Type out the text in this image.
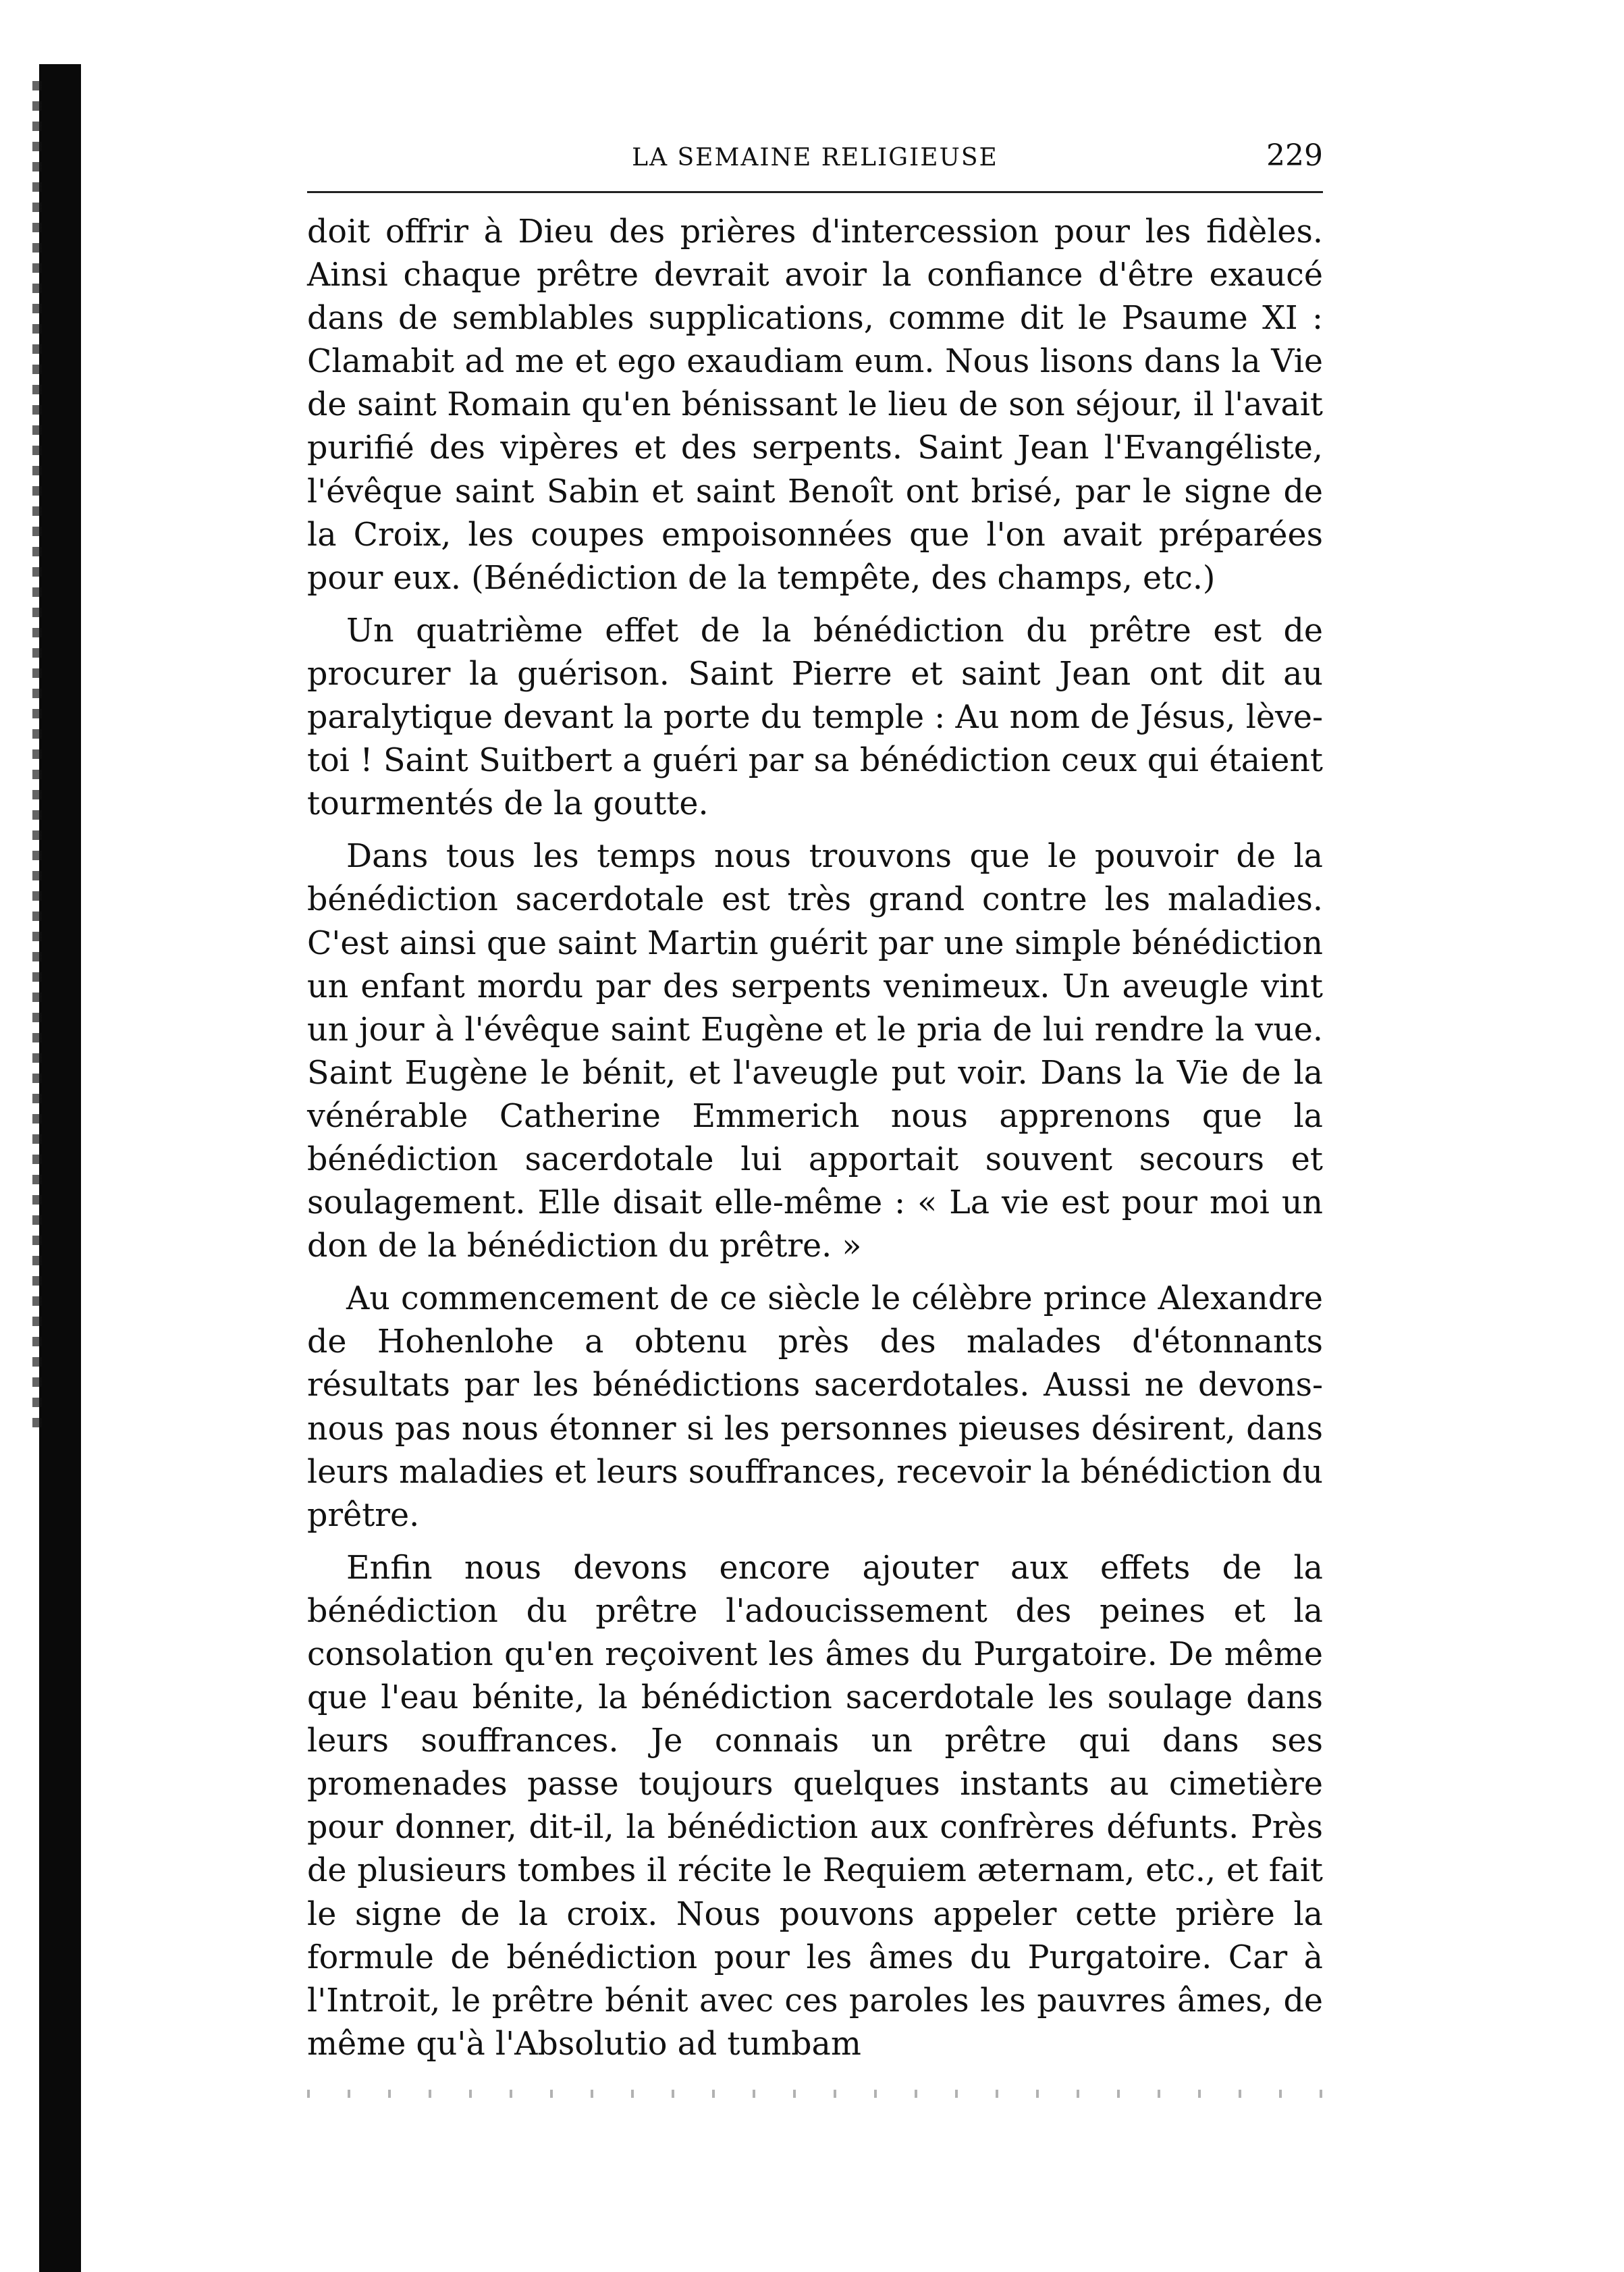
LA SEMAINE RELIGIEUSE	229

doit offrir à Dieu des prières d'intercession pour les fidèles. Ainsi chaque prêtre devrait avoir la confiance d'être exaucé dans de semblables supplications, comme dit le Psaume XI : Clamabit ad me et ego exaudiam eum. Nous lisons dans la Vie de saint Romain qu'en bénissant le lieu de son séjour, il l'avait purifié des vipères et des serpents. Saint Jean l'Evangéliste, l'évêque saint Sabin et saint Benoît ont brisé, par le signe de la Croix, les coupes empoisonnées que l'on avait préparées pour eux. (Bénédiction de la tempête, des champs, etc.)

Un quatrième effet de la bénédiction du prêtre est de procurer la guérison. Saint Pierre et saint Jean ont dit au paralytique devant la porte du temple : Au nom de Jésus, lève-toi ! Saint Suitbert a guéri par sa bénédiction ceux qui étaient tourmentés de la goutte.

Dans tous les temps nous trouvons que le pouvoir de la bénédiction sacerdotale est très grand contre les maladies. C'est ainsi que saint Martin guérit par une simple bénédiction un enfant mordu par des serpents venimeux. Un aveugle vint un jour à l'évêque saint Eugène et le pria de lui rendre la vue. Saint Eugène le bénit, et l'aveugle put voir. Dans la Vie de la vénérable Catherine Emmerich nous apprenons que la bénédiction sacerdotale lui apportait souvent secours et soulagement. Elle disait elle-même : « La vie est pour moi un don de la bénédiction du prêtre. »

Au commencement de ce siècle le célèbre prince Alexandre de Hohenlohe a obtenu près des malades d'étonnants résultats par les bénédictions sacerdotales. Aussi ne devons-nous pas nous étonner si les personnes pieuses désirent, dans leurs maladies et leurs souffrances, recevoir la bénédiction du prêtre.

Enfin nous devons encore ajouter aux effets de la bénédiction du prêtre l'adoucissement des peines et la consolation qu'en reçoivent les âmes du Purgatoire. De même que l'eau bénite, la bénédiction sacerdotale les soulage dans leurs souffrances. Je connais un prêtre qui dans ses promenades passe toujours quelques instants au cimetière pour donner, dit-il, la bénédiction aux confrères défunts. Près de plusieurs tombes il récite le Requiem æternam, etc., et fait le signe de la croix. Nous pouvons appeler cette prière la formule de bénédiction pour les âmes du Purgatoire. Car à l'Introit, le prêtre bénit avec ces paroles les pauvres âmes, de même qu'à l'Absolutio ad tumbam
